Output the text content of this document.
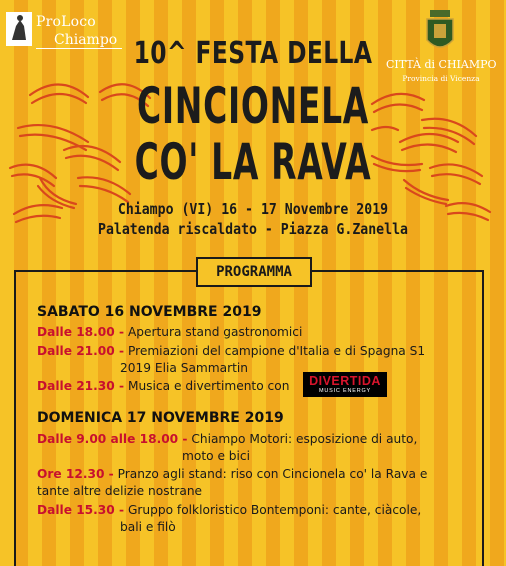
ProLoco
Chiampo
CITTÀ di CHIAMPO
Provincia di Vicenza
10^ FESTA DELLA
CINCIONELA
CO' LA RAVA
Chiampo (VI) 16 - 17 Novembre 2019
Palatenda riscaldato - Piazza G.Zanella
PROGRAMMA
SABATO 16 NOVEMBRE 2019
Dalle 18.00 - Apertura stand gastronomici
Dalle 21.00 - Premiazioni del campione d'Italia e di Spagna S1
2019 Elia Sammartin
Dalle 21.30 - Musica e divertimento con	DIVERTIDA
MUSIC ENERGY
DOMENICA 17 NOVEMBRE 2019
Dalle 9.00 alle 18.00 - Chiampo Motori: esposizione di auto,
moto e bici
Ore 12.30 - Pranzo agli stand: riso con Cincionela co' la Rava e
tante altre delizie nostrane
Dalle 15.30 - Gruppo folkloristico Bontemponi: cante, ciàcole,
bali e filò
